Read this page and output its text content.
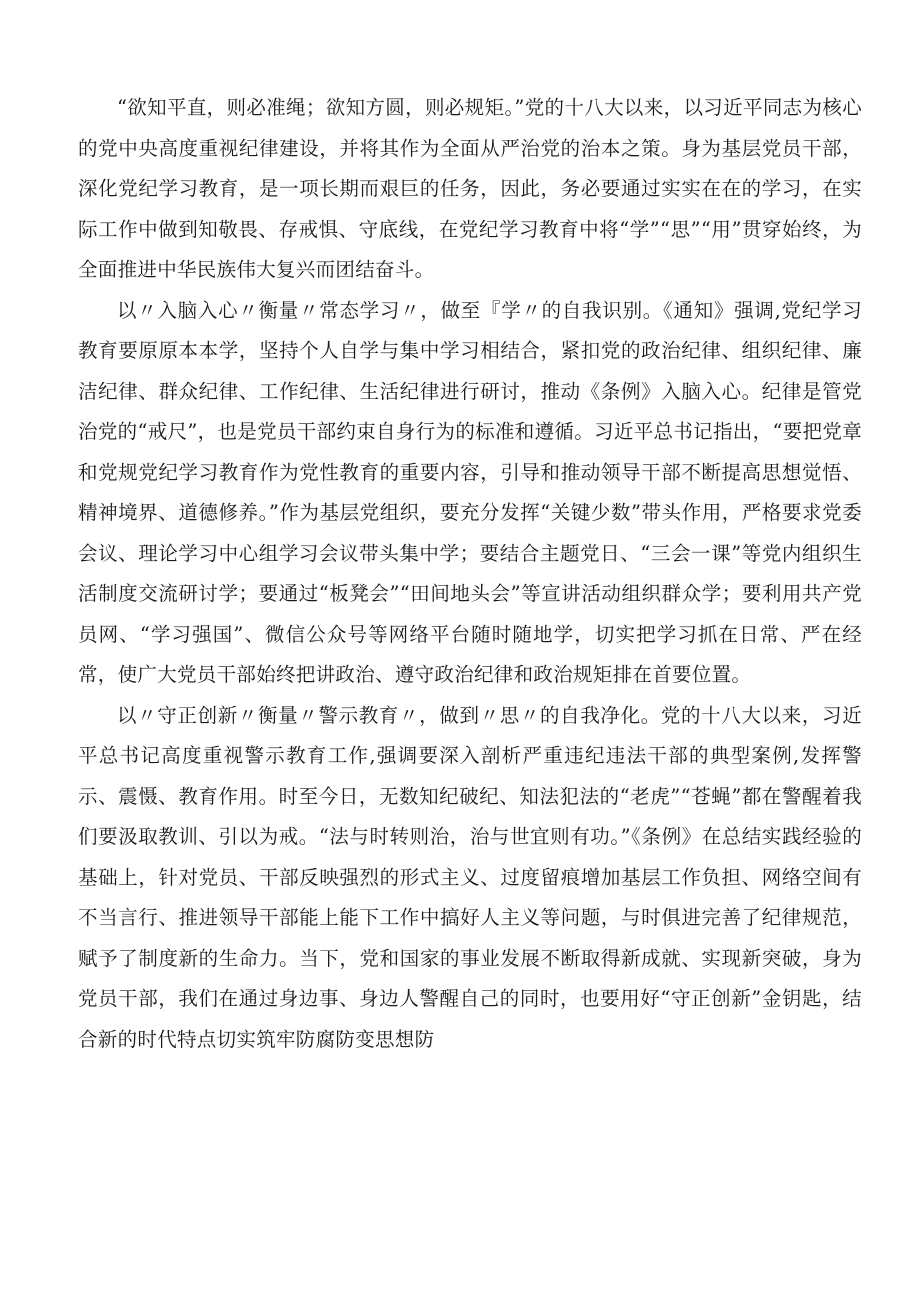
“欲知平直，则必准绳；欲知方圆，则必规矩。”党的十八大以来，以习近平同志为核心的党中央高度重视纪律建设，并将其作为全面从严治党的治本之策。身为基层党员干部，深化党纪学习教育，是一项长期而艰巨的任务，因此，务必要通过实实在在的学习，在实际工作中做到知敬畏、存戒惧、守底线，在党纪学习教育中将“学”“思”“用”贯穿始终，为全面推进中华民族伟大复兴而团结奋斗。

以〃入脑入心〃衡量〃常态学习〃，做至『学〃的自我识别。《通知》强调,党纪学习教育要原原本本学，坚持个人自学与集中学习相结合，紧扣党的政治纪律、组织纪律、廉洁纪律、群众纪律、工作纪律、生活纪律进行研讨，推动《条例》入脑入心。纪律是管党治党的“戒尺”，也是党员干部约束自身行为的标准和遵循。习近平总书记指出，“要把党章和党规党纪学习教育作为党性教育的重要内容，引导和推动领导干部不断提高思想觉悟、精神境界、道德修养。”作为基层党组织，要充分发挥“关键少数”带头作用，严格要求党委会议、理论学习中心组学习会议带头集中学；要结合主题党日、“三会一课”等党内组织生活制度交流研讨学；要通过“板凳会”“田间地头会”等宣讲活动组织群众学；要利用共产党员网、“学习强国”、微信公众号等网络平台随时随地学，切实把学习抓在日常、严在经常，使广大党员干部始终把讲政治、遵守政治纪律和政治规矩排在首要位置。

以〃守正创新〃衡量〃警示教育〃，做到〃思〃的自我净化。党的十八大以来，习近平总书记高度重视警示教育工作,强调要深入剖析严重违纪违法干部的典型案例,发挥警示、震慑、教育作用。时至今日，无数知纪破纪、知法犯法的“老虎”“苍蝇”都在警醒着我们要汲取教训、引以为戒。“法与时转则治，治与世宜则有功。”《条例》在总结实践经验的基础上，针对党员、干部反映强烈的形式主义、过度留痕增加基层工作负担、网络空间有不当言行、推进领导干部能上能下工作中搞好人主义等问题，与时俱进完善了纪律规范，赋予了制度新的生命力。当下，党和国家的事业发展不断取得新成就、实现新突破，身为党员干部，我们在通过身边事、身边人警醒自己的同时，也要用好“守正创新”金钥匙，结合新的时代特点切实筑牢防腐防变思想防
